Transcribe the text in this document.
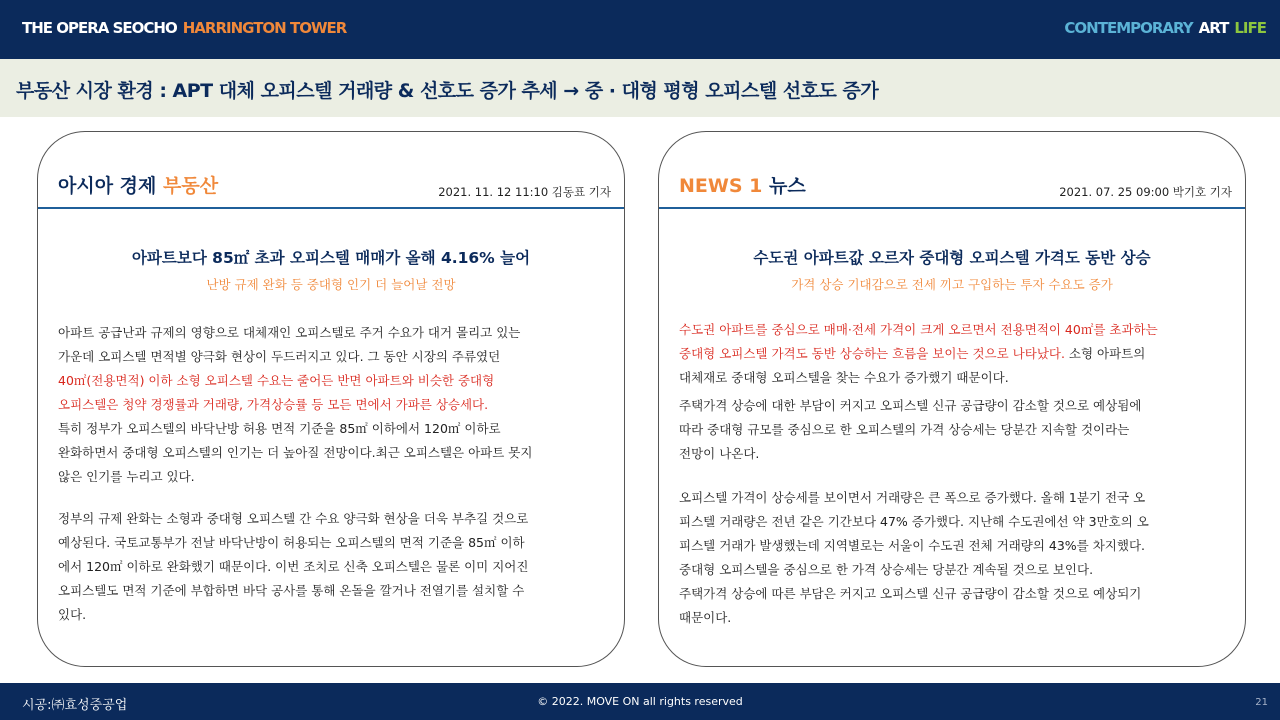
THE OPERA SEOCHO HARRINGTON TOWER	CONTEMPORARY ART LIFE
부동산 시장 환경 : APT 대체 오피스텔 거래량 & 선호도 증가 추세 → 중 · 대형 평형 오피스텔 선호도 증가
아시아 경제 부동산	2021. 11. 12 11:10 김동표 기자
아파트보다 85㎡ 초과 오피스텔 매매가 올해 4.16% 늘어
난방 규제 완화 등 중대형 인기 더 늘어날 전망
아파트 공급난과 규제의 영향으로 대체재인 오피스텔로 주거 수요가 대거 몰리고 있는
가운데 오피스텔 면적별 양극화 현상이 두드러지고 있다. 그 동안 시장의 주류였던
40㎡(전용면적) 이하 소형 오피스텔 수요는 줄어든 반면 아파트와 비슷한 중대형
오피스텔은 청약 경쟁률과 거래량, 가격상승률 등 모든 면에서 가파른 상승세다.
특히 정부가 오피스텔의 바닥난방 허용 면적 기준을 85㎡ 이하에서 120㎡ 이하로
완화하면서 중대형 오피스텔의 인기는 더 높아질 전망이다.최근 오피스텔은 아파트 못지
않은 인기를 누리고 있다.
정부의 규제 완화는 소형과 중대형 오피스텔 간 수요 양극화 현상을 더욱 부추길 것으로
예상된다. 국토교통부가 전날 바닥난방이 허용되는 오피스텔의 면적 기준을 85㎡ 이하
에서 120㎡ 이하로 완화했기 때문이다. 이번 조치로 신축 오피스텔은 물론 이미 지어진
오피스텔도 면적 기준에 부합하면 바닥 공사를 통해 온돌을 깔거나 전열기를 설치할 수
있다.
NEWS 1 뉴스	2021. 07. 25 09:00 박기호 기자
수도권 아파트값 오르자 중대형 오피스텔 가격도 동반 상승
가격 상승 기대감으로 전세 끼고 구입하는 투자 수요도 증가
수도권 아파트를 중심으로 매매·전세 가격이 크게 오르면서 전용면적이 40㎡를 초과하는
중대형 오피스텔 가격도 동반 상승하는 흐름을 보이는 것으로 나타났다. 소형 아파트의
대체재로 중대형 오피스텔을 찾는 수요가 증가했기 때문이다.
주택가격 상승에 대한 부담이 커지고 오피스텔 신규 공급량이 감소할 것으로 예상됨에
따라 중대형 규모를 중심으로 한 오피스텔의 가격 상승세는 당분간 지속할 것이라는
전망이 나온다.
오피스텔 가격이 상승세를 보이면서 거래량은 큰 폭으로 증가했다. 올해 1분기 전국 오
피스텔 거래량은 전년 같은 기간보다 47% 증가했다. 지난해 수도권에선 약 3만호의 오
피스텔 거래가 발생했는데 지역별로는 서울이 수도권 전체 거래량의 43%를 차지했다.
중대형 오피스텔을 중심으로 한 가격 상승세는 당분간 계속될 것으로 보인다.
주택가격 상승에 따른 부담은 커지고 오피스텔 신규 공급량이 감소할 것으로 예상되기
때문이다.
시공:㈜효성중공업	© 2022. MOVE ON all rights reserved	21
